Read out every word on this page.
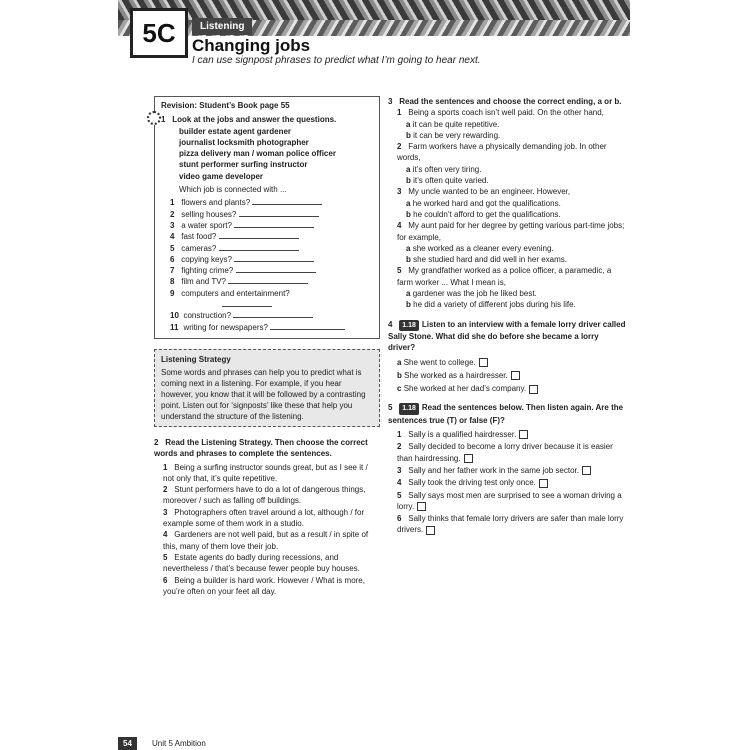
5C	Listening
Changing jobs
I can use signpost phrases to predict what I’m going to hear next.
Revision: Student’s Book page 55
1 Look at the jobs and answer the questions.
builder estate agent gardener
journalist locksmith photographer
pizza delivery man / woman police officer
stunt performer surfing instructor
video game developer
Which job is connected with ...
1 flowers and plants?
2 selling houses?
3 a water sport?
4 fast food?
5 cameras?
6 copying keys?
7 fighting crime?
8 film and TV?
9 computers and entertainment?

10 construction?
11 writing for newspapers?
Listening Strategy
Some words and phrases can help you to predict what is coming next in a listening. For example, if you hear however, you know that it will be followed by a contrasting point. Listen out for ‘signposts’ like these that help you understand the structure of the listening.
2 Read the Listening Strategy. Then choose the correct words and phrases to complete the sentences.
1 Being a surfing instructor sounds great, but as I see it / not only that, it’s quite repetitive.
2 Stunt performers have to do a lot of dangerous things, moreover / such as falling off buildings.
3 Photographers often travel around a lot, although / for example some of them work in a studio.
4 Gardeners are not well paid, but as a result / in spite of this, many of them love their job.
5 Estate agents do badly during recessions, and nevertheless / that’s because fewer people buy houses.
6 Being a builder is hard work. However / What is more, you’re often on your feet all day.
3 Read the sentences and choose the correct ending, a or b.
1 Being a sports coach isn’t well paid. On the other hand,
a it can be quite repetitive.
b it can be very rewarding.
2 Farm workers have a physically demanding job. In other words,
a it’s often very tiring.
b it’s often quite varied.
3 My uncle wanted to be an engineer. However,
a he worked hard and got the qualifications.
b he couldn’t afford to get the qualifications.
4 My aunt paid for her degree by getting various part-time jobs; for example,
a she worked as a cleaner every evening.
b she studied hard and did well in her exams.
5 My grandfather worked as a police officer, a paramedic, a farm worker ... What I mean is,
a gardener was the job he liked best.
b he did a variety of different jobs during his life.
4 1.18 Listen to an interview with a female lorry driver called Sally Stone. What did she do before she became a lorry driver?
a She went to college.
b She worked as a hairdresser.
c She worked at her dad’s company.
5 1.18 Read the sentences below. Then listen again. Are the sentences true (T) or false (F)?
1 Sally is a qualified hairdresser.
2 Sally decided to become a lorry driver because it is easier than hairdressing.
3 Sally and her father work in the same job sector.
4 Sally took the driving test only once.
5 Sally says most men are surprised to see a woman driving a lorry.
6 Sally thinks that female lorry drivers are safer than male lorry drivers.
54	Unit 5 Ambition
